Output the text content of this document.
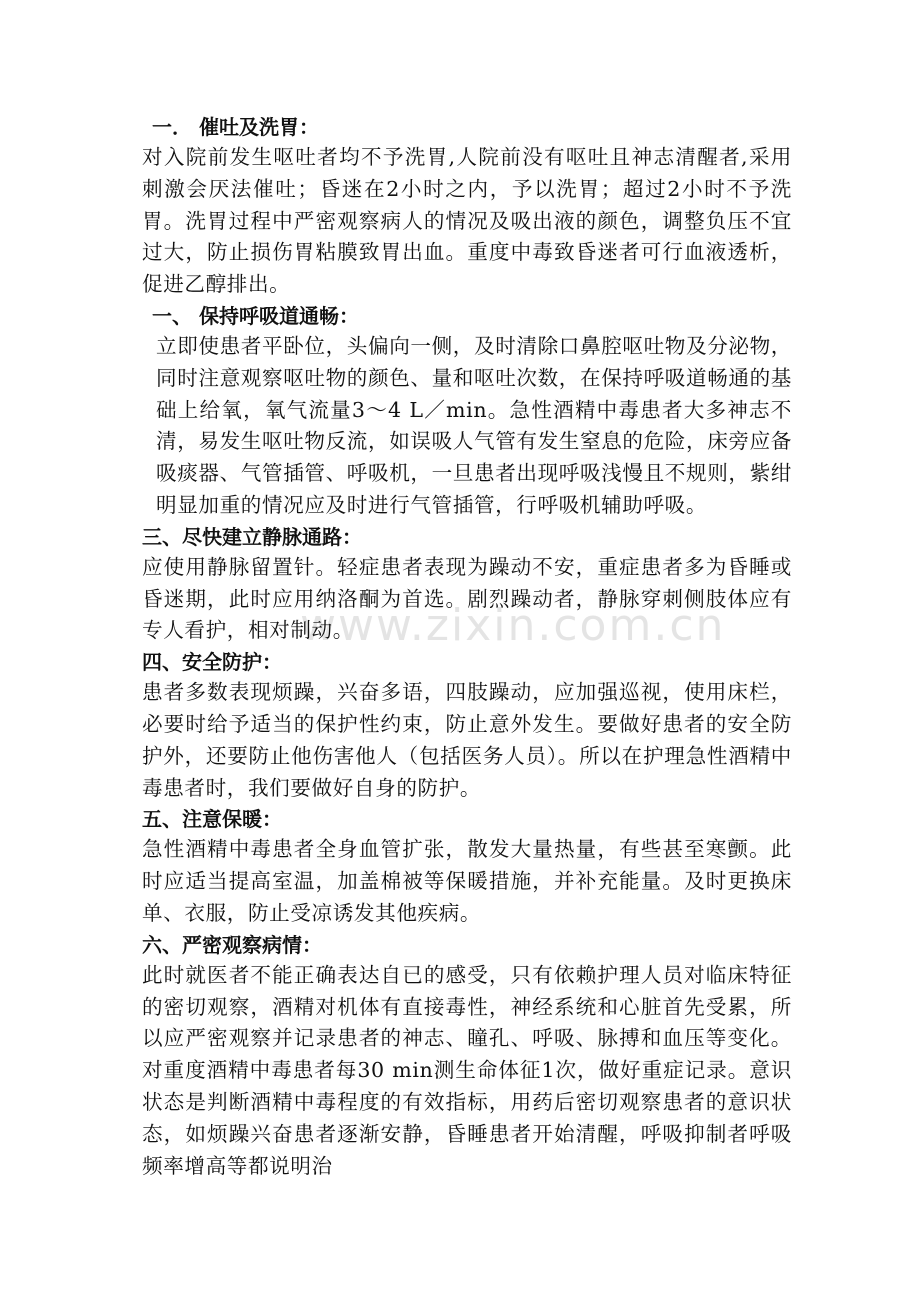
www.zixin.com.cn
一． 催吐及洗胃：

对入院前发生呕吐者均不予洗胃,人院前没有呕吐且神志清醒者,采用刺激会厌法催吐；昏迷在2小时之内，予以洗胃；超过2小时不予洗胃。洗胃过程中严密观察病人的情况及吸出液的颜色，调整负压不宜过大，防止损伤胃粘膜致胃出血。重度中毒致昏迷者可行血液透析，促进乙醇排出。

一、 保持呼吸道通畅：

立即使患者平卧位，头偏向一侧，及时清除口鼻腔呕吐物及分泌物，同时注意观察呕吐物的颜色、量和呕吐次数，在保持呼吸道畅通的基础上给氧，氧气流量3～4 L／min。急性酒精中毒患者大多神志不清，易发生呕吐物反流，如误吸人气管有发生窒息的危险，床旁应备吸痰器、气管插管、呼吸机，一旦患者出现呼吸浅慢且不规则，紫绀明显加重的情况应及时进行气管插管，行呼吸机辅助呼吸。

三、尽快建立静脉通路：

应使用静脉留置针。轻症患者表现为躁动不安，重症患者多为昏睡或昏迷期，此时应用纳洛酮为首选。剧烈躁动者，静脉穿刺侧肢体应有专人看护，相对制动。

四、安全防护：

患者多数表现烦躁，兴奋多语，四肢躁动，应加强巡视，使用床栏，必要时给予适当的保护性约束，防止意外发生。要做好患者的安全防护外，还要防止他伤害他人（包括医务人员）。所以在护理急性酒精中毒患者时，我们要做好自身的防护。

五、注意保暖：

急性酒精中毒患者全身血管扩张，散发大量热量，有些甚至寒颤。此时应适当提高室温，加盖棉被等保暖措施，并补充能量。及时更换床单、衣服，防止受凉诱发其他疾病。

六、严密观察病情：

此时就医者不能正确表达自已的感受，只有依赖护理人员对临床特征的密切观察，酒精对机体有直接毒性，神经系统和心脏首先受累，所以应严密观察并记录患者的神志、瞳孔、呼吸、脉搏和血压等变化。对重度酒精中毒患者每30 min测生命体征1次，做好重症记录。意识状态是判断酒精中毒程度的有效指标，用药后密切观察患者的意识状态，如烦躁兴奋患者逐渐安静，昏睡患者开始清醒，呼吸抑制者呼吸频率增高等都说明治
